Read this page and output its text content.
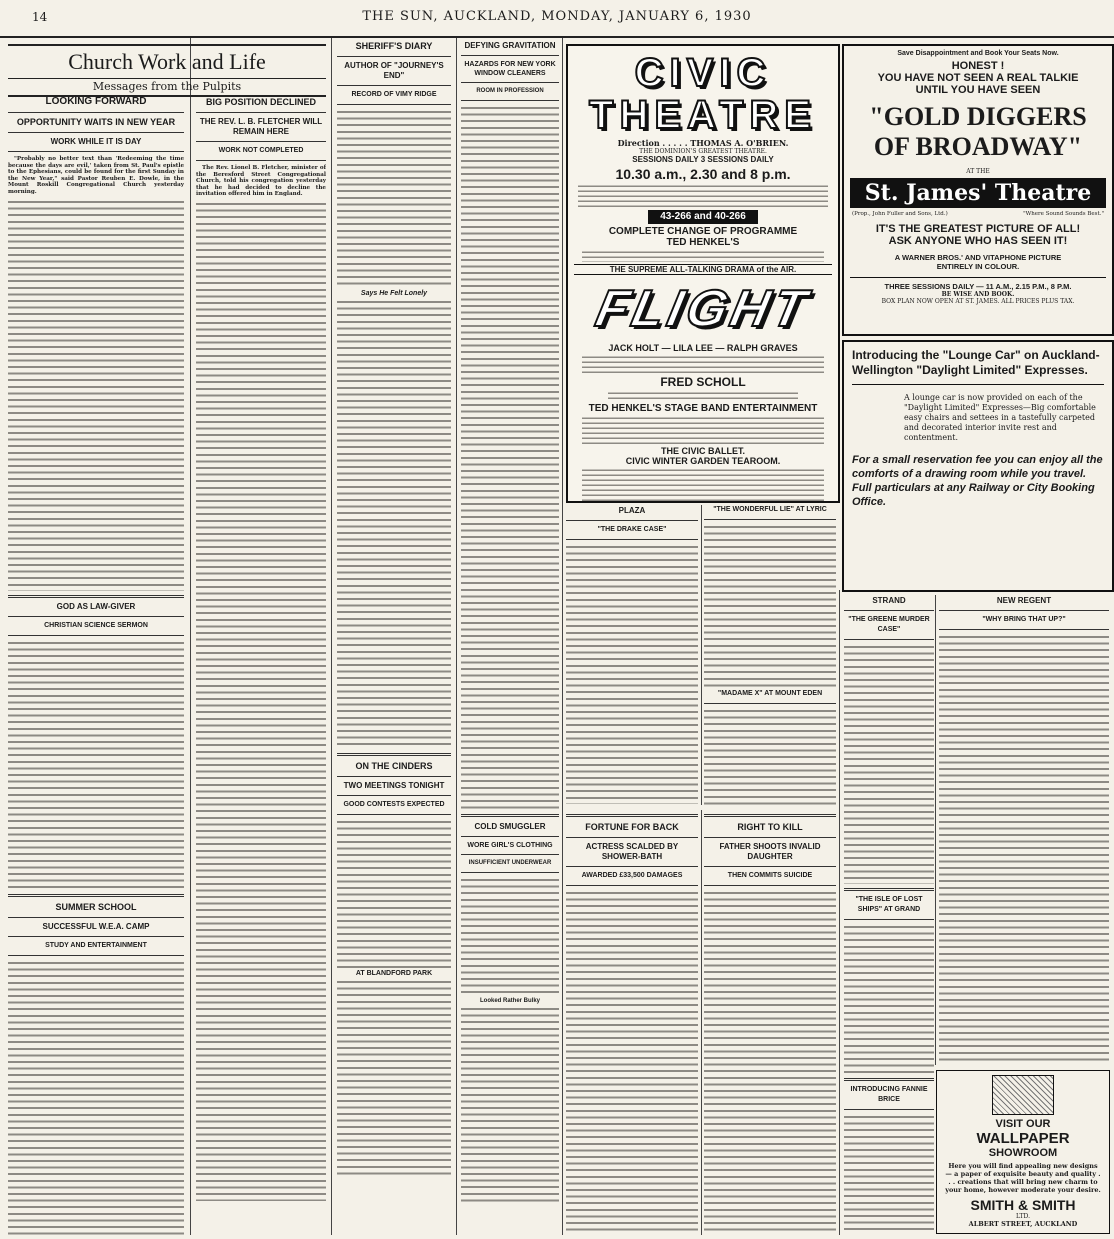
14	THE SUN, AUCKLAND, MONDAY, JANUARY 6, 1930
Church Work and Life
Messages from the Pulpits
LOOKING FORWARD
OPPORTUNITY WAITS IN NEW YEAR
WORK WHILE IT IS DAY

"Probably no better text than 'Redeeming the time because the days are evil,' taken from St. Paul's epistle to the Ephesians, could be found for the first Sunday in the New Year," said Pastor Reuben E. Dowle, in the Mount Roskill Congregational Church yesterday morning.

GOD AS LAW-GIVER
CHRISTIAN SCIENCE SERMON
SUMMER SCHOOL
SUCCESSFUL W.E.A. CAMP
STUDY AND ENTERTAINMENT
BIG POSITION DECLINED
THE REV. L. B. FLETCHER WILL REMAIN HERE
WORK NOT COMPLETED

The Rev. Lionel B. Fletcher, minister of the Beresford Street Congregational Church, told his congregation yesterday that he had decided to decline the invitation offered him in England.

SHERIFF'S DIARY
AUTHOR OF "JOURNEY'S END"
RECORD OF VIMY RIDGE
Says He Felt Lonely
ON THE CINDERS
TWO MEETINGS TONIGHT
GOOD CONTESTS EXPECTED
AT BLANDFORD PARK
DEFYING GRAVITATION
HAZARDS FOR NEW YORK WINDOW CLEANERS
ROOM IN PROFESSION
COLD SMUGGLER
WORE GIRL'S CLOTHING
INSUFFICIENT UNDERWEAR
Looked Rather Bulky
CIVIC THEATRE
Direction . . . . . THOMAS A. O'BRIEN.
THE DOMINION'S GREATEST THEATRE.
SESSIONS DAILY 3 SESSIONS DAILY
10.30 a.m., 2.30 and 8 p.m.
43-266 and 40-266
COMPLETE CHANGE OF PROGRAMME
TED HENKEL'S
THE SUPREME ALL-TALKING DRAMA of the AIR.
FLIGHT
JACK HOLT — LILA LEE — RALPH GRAVES
FRED SCHOLL
TED HENKEL'S STAGE BAND ENTERTAINMENT
THE CIVIC BALLET.
CIVIC WINTER GARDEN TEAROOM.
PLAZA
"THE DRAKE CASE"
"THE WONDERFUL LIE" AT LYRIC
"MADAME X" AT MOUNT EDEN
FORTUNE FOR BACK
ACTRESS SCALDED BY SHOWER-BATH
AWARDED £33,500 DAMAGES
RIGHT TO KILL
FATHER SHOOTS INVALID DAUGHTER
THEN COMMITS SUICIDE
Save Disappointment and Book Your Seats Now.
HONEST !
YOU HAVE NOT SEEN A REAL TALKIE
UNTIL YOU HAVE SEEN
"GOLD DIGGERS OF BROADWAY"
AT THE
St. James' Theatre
(Prop., John Fuller and Sons, Ltd.)	"Where Sound Sounds Best."
IT'S THE GREATEST PICTURE OF ALL!
ASK ANYONE WHO HAS SEEN IT!
A WARNER BROS.' AND VITAPHONE PICTURE ENTIRELY IN COLOUR.
THREE SESSIONS DAILY — 11 A.M., 2.15 P.M., 8 P.M.
BE WISE AND BOOK.
BOX PLAN NOW OPEN AT ST. JAMES. ALL PRICES PLUS TAX.
Introducing the "Lounge Car" on Auckland-Wellington "Daylight Limited" Expresses.
A lounge car is now provided on each of the "Daylight Limited" Expresses—Big comfortable easy chairs and settees in a tastefully carpeted and decorated interior invite rest and contentment.
For a small reservation fee you can enjoy all the comforts of a drawing room while you travel. Full particulars at any Railway or City Booking Office.
STRAND
"THE GREENE MURDER CASE"
"THE ISLE OF LOST SHIPS" AT GRAND
INTRODUCING FANNIE BRICE
NEW REGENT
"WHY BRING THAT UP?"
VISIT OUR
WALLPAPER
SHOWROOM
Here you will find appealing new designs — a paper of exquisite beauty and quality . . . creations that will bring new charm to your home, however moderate your desire.
SMITH & SMITH
LTD.
ALBERT STREET, AUCKLAND
